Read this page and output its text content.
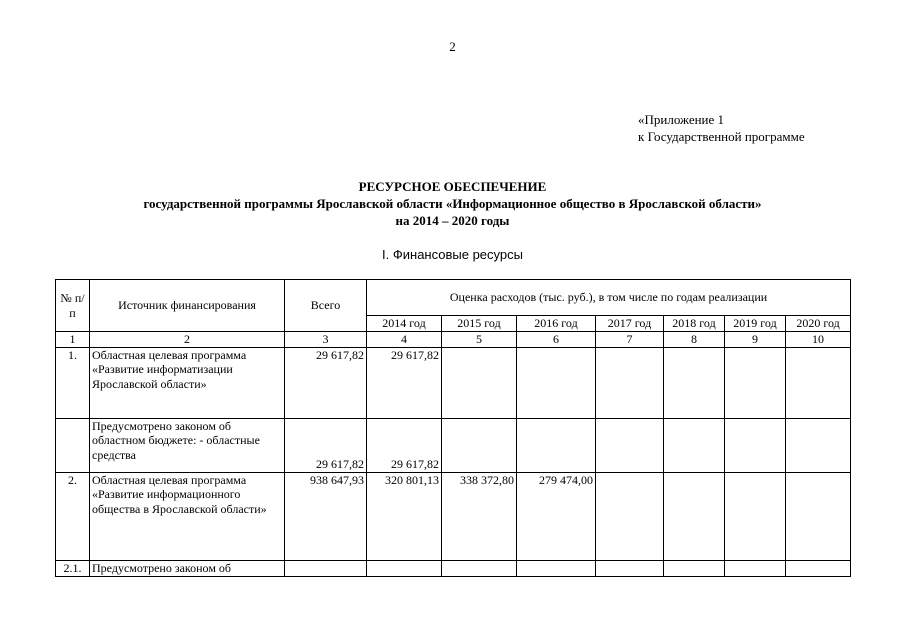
2
«Приложение 1
к Государственной программе
РЕСУРСНОЕ ОБЕСПЕЧЕНИЕ
государственной программы Ярославской области «Информационное общество в Ярославской области»
на 2014 – 2020 годы
I. Финансовые ресурсы
№ п/п	Источник финансирования	Всего	Оценка расходов (тыс. руб.), в том числе по годам реализации						
			2014 год	2015 год	2016 год	2017 год	2018 год	2019 год	2020 год
1	2	3	4	5	6	7	8	9	10
1.	Областная целевая программа «Развитие информатизации Ярославской области»	29 617,82	29 617,82						
	Предусмотрено законом об областном бюджете: - областные средства	29 617,82	29 617,82						
2.	Областная целевая программа «Развитие информационного общества в Ярославской области»	938 647,93	320 801,13	338 372,80	279 474,00				
2.1.	Предусмотрено законом об								
